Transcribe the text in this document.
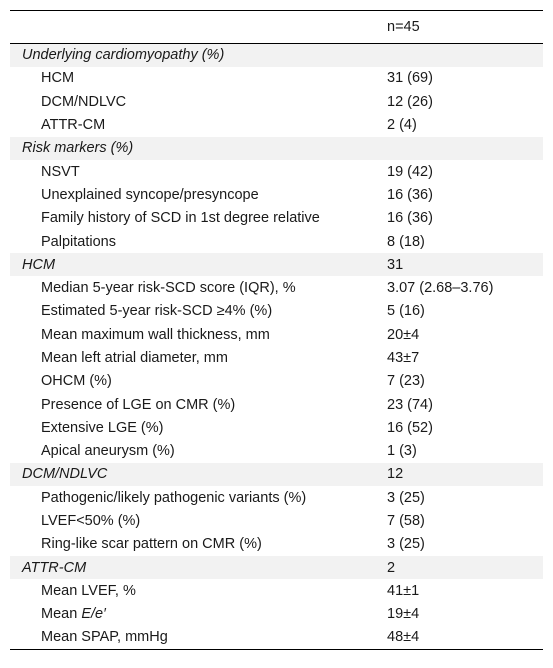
	n=45
Underlying cardiomyopathy (%)	
HCM	31 (69)
DCM/NDLVC	12 (26)
ATTR-CM	2 (4)
Risk markers (%)	
NSVT	19 (42)
Unexplained syncope/presyncope	16 (36)
Family history of SCD in 1st degree relative	16 (36)
Palpitations	8 (18)
HCM	31
Median 5-year risk-SCD score (IQR), %	3.07 (2.68–3.76)
Estimated 5-year risk-SCD ≥4% (%)	5 (16)
Mean maximum wall thickness, mm	20±4
Mean left atrial diameter, mm	43±7
OHCM (%)	7 (23)
Presence of LGE on CMR (%)	23 (74)
Extensive LGE (%)	16 (52)
Apical aneurysm (%)	1 (3)
DCM/NDLVC	12
Pathogenic/likely pathogenic variants (%)	3 (25)
LVEF<50% (%)	7 (58)
Ring-like scar pattern on CMR (%)	3 (25)
ATTR-CM	2
Mean LVEF, %	41±1
Mean E/e′	19±4
Mean SPAP, mmHg	48±4
